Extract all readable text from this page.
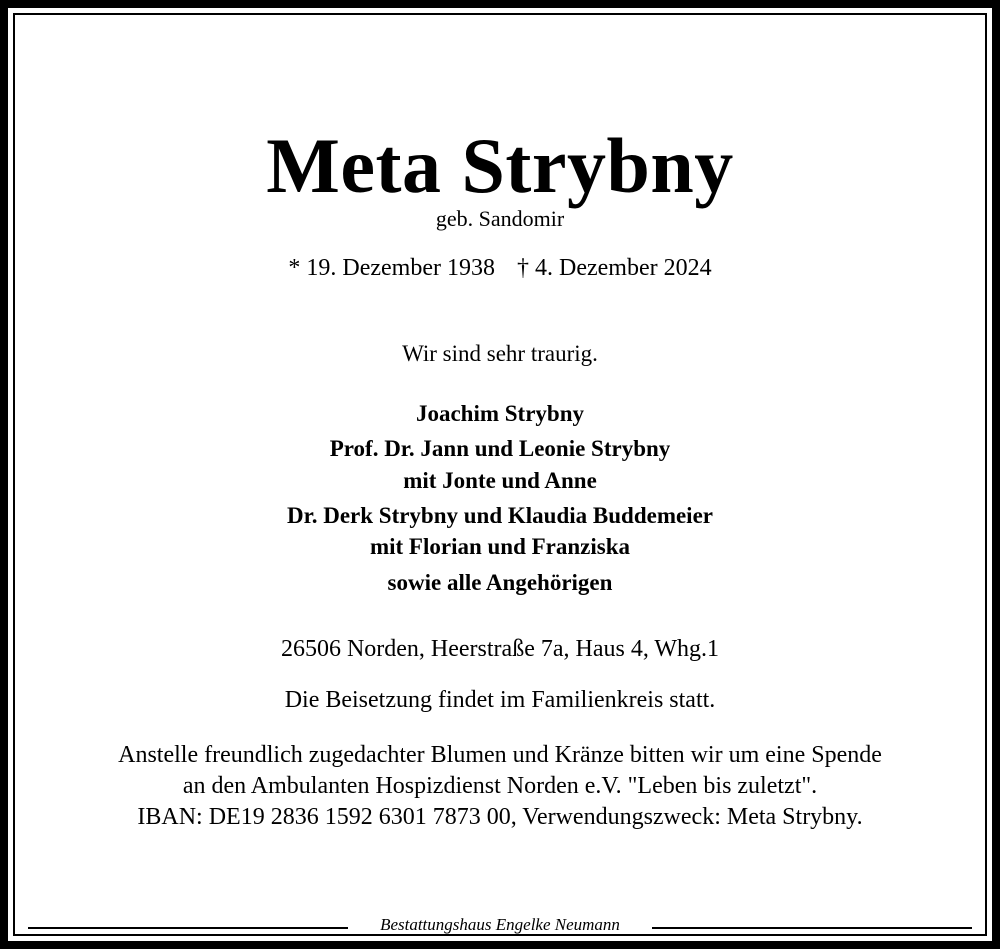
Meta Strybny
geb. Sandomir
* 19. Dezember 1938 † 4. Dezember 2024
Wir sind sehr traurig.
Joachim Strybny
Prof. Dr. Jann und Leonie Strybny
mit Jonte und Anne
Dr. Derk Strybny und Klaudia Buddemeier
mit Florian und Franziska
sowie alle Angehörigen
26506 Norden, Heerstraße 7a, Haus 4, Whg.1
Die Beisetzung findet im Familienkreis statt.
Anstelle freundlich zugedachter Blumen und Kränze bitten wir um eine Spende
an den Ambulanten Hospizdienst Norden e.V. "Leben bis zuletzt".
IBAN: DE19 2836 1592 6301 7873 00, Verwendungszweck: Meta Strybny.
Bestattungshaus Engelke Neumann
